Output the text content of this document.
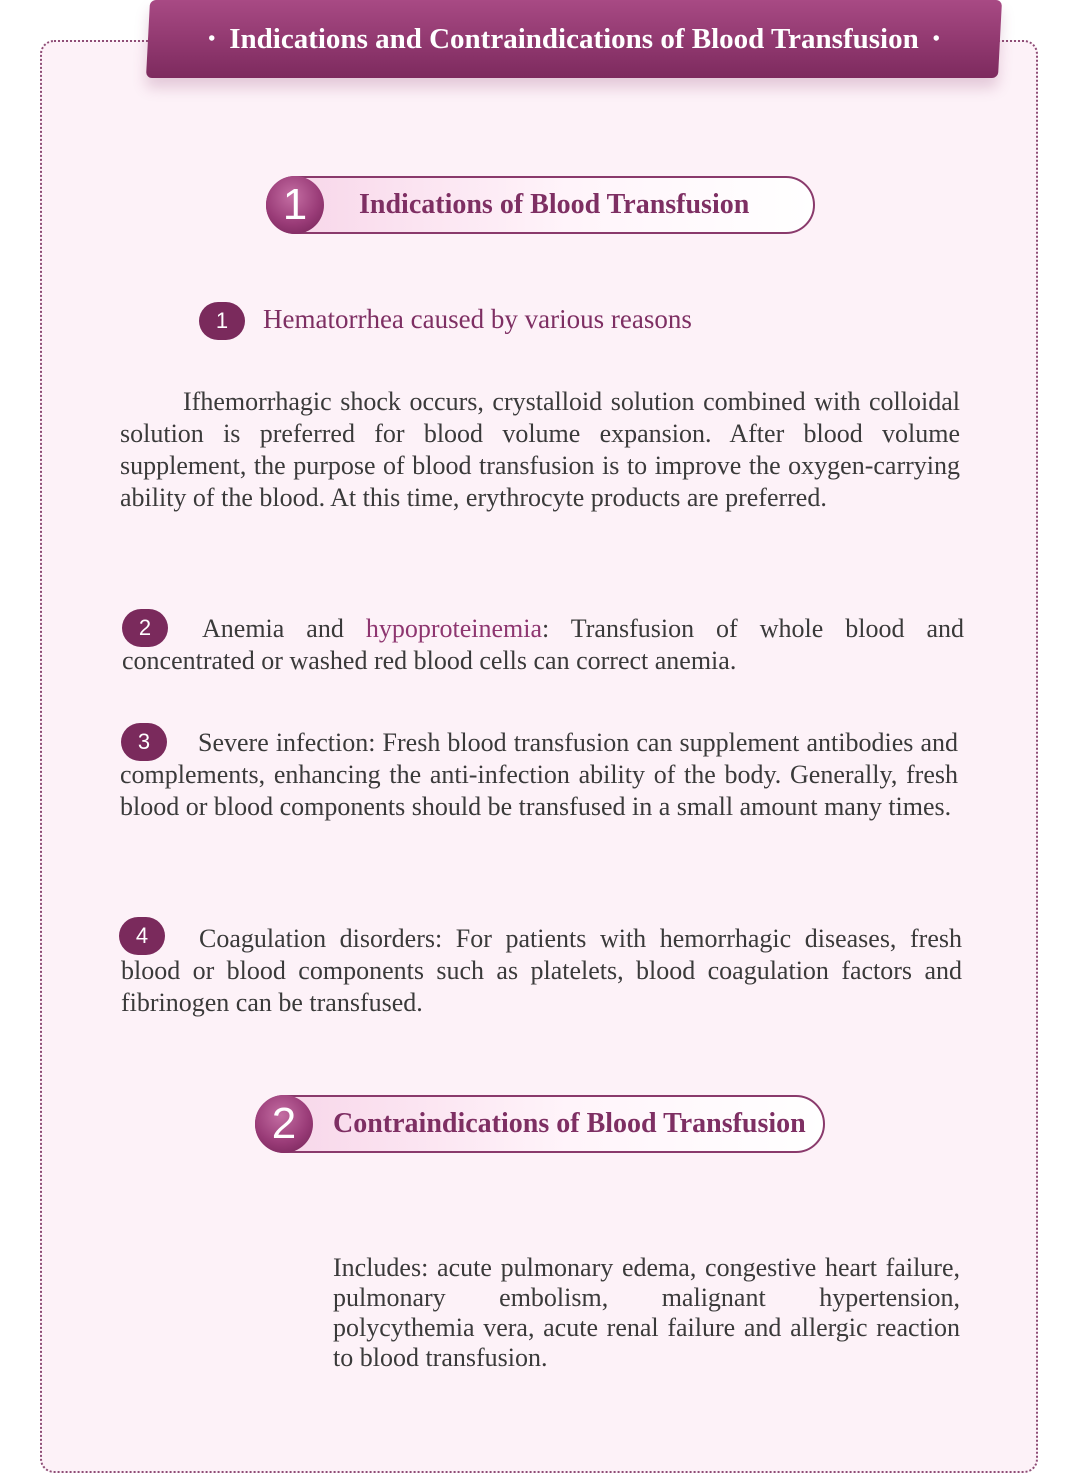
• Indications and Contraindications of Blood Transfusion •
1	Indications of Blood Transfusion
1	Hematorrhea caused by various reasons
Ifhemorrhagic shock occurs, crystalloid solution combined with colloidal solution is preferred for blood volume expansion. After blood volume supplement, the purpose of blood transfusion is to improve the oxygen-carrying ability of the blood. At this time, erythrocyte products are preferred.
2	Anemia and hypoproteinemia: Transfusion of whole blood and concentrated or washed red blood cells can correct anemia.
3	Severe infection: Fresh blood transfusion can supplement antibodies and complements, enhancing the anti-infection ability of the body. Generally, fresh blood or blood components should be transfused in a small amount many times.
4	Coagulation disorders: For patients with hemorrhagic diseases, fresh blood or blood components such as platelets, blood coagulation factors and fibrinogen can be transfused.
2	Contraindications of Blood Transfusion
Includes: acute pulmonary edema, congestive heart failure, pulmonary embolism, malignant hypertension, polycythemia vera, acute renal failure and allergic reaction to blood transfusion.
